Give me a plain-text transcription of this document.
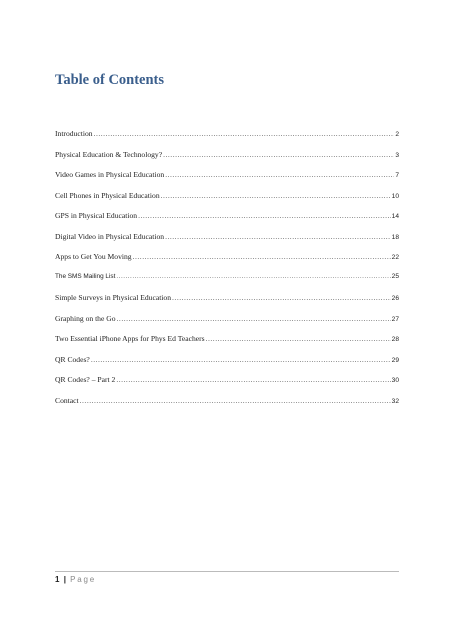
Table of Contents
Introduction .....	2
Physical Education & Technology? .....	3
Video Games in Physical Education .....	7
Cell Phones in Physical Education .....	10
GPS in Physical Education .....	14
Digital Video in Physical Education .....	18
Apps to Get You Moving .....	22
The SMS Mailing List .....	25
Simple Surveys in Physical Education .....	26
Graphing on the Go .....	27
Two Essential iPhone Apps for Phys Ed Teachers .....	28
QR Codes? .....	29
QR Codes? – Part 2 .....	30
Contact .....	32
1 | Page
